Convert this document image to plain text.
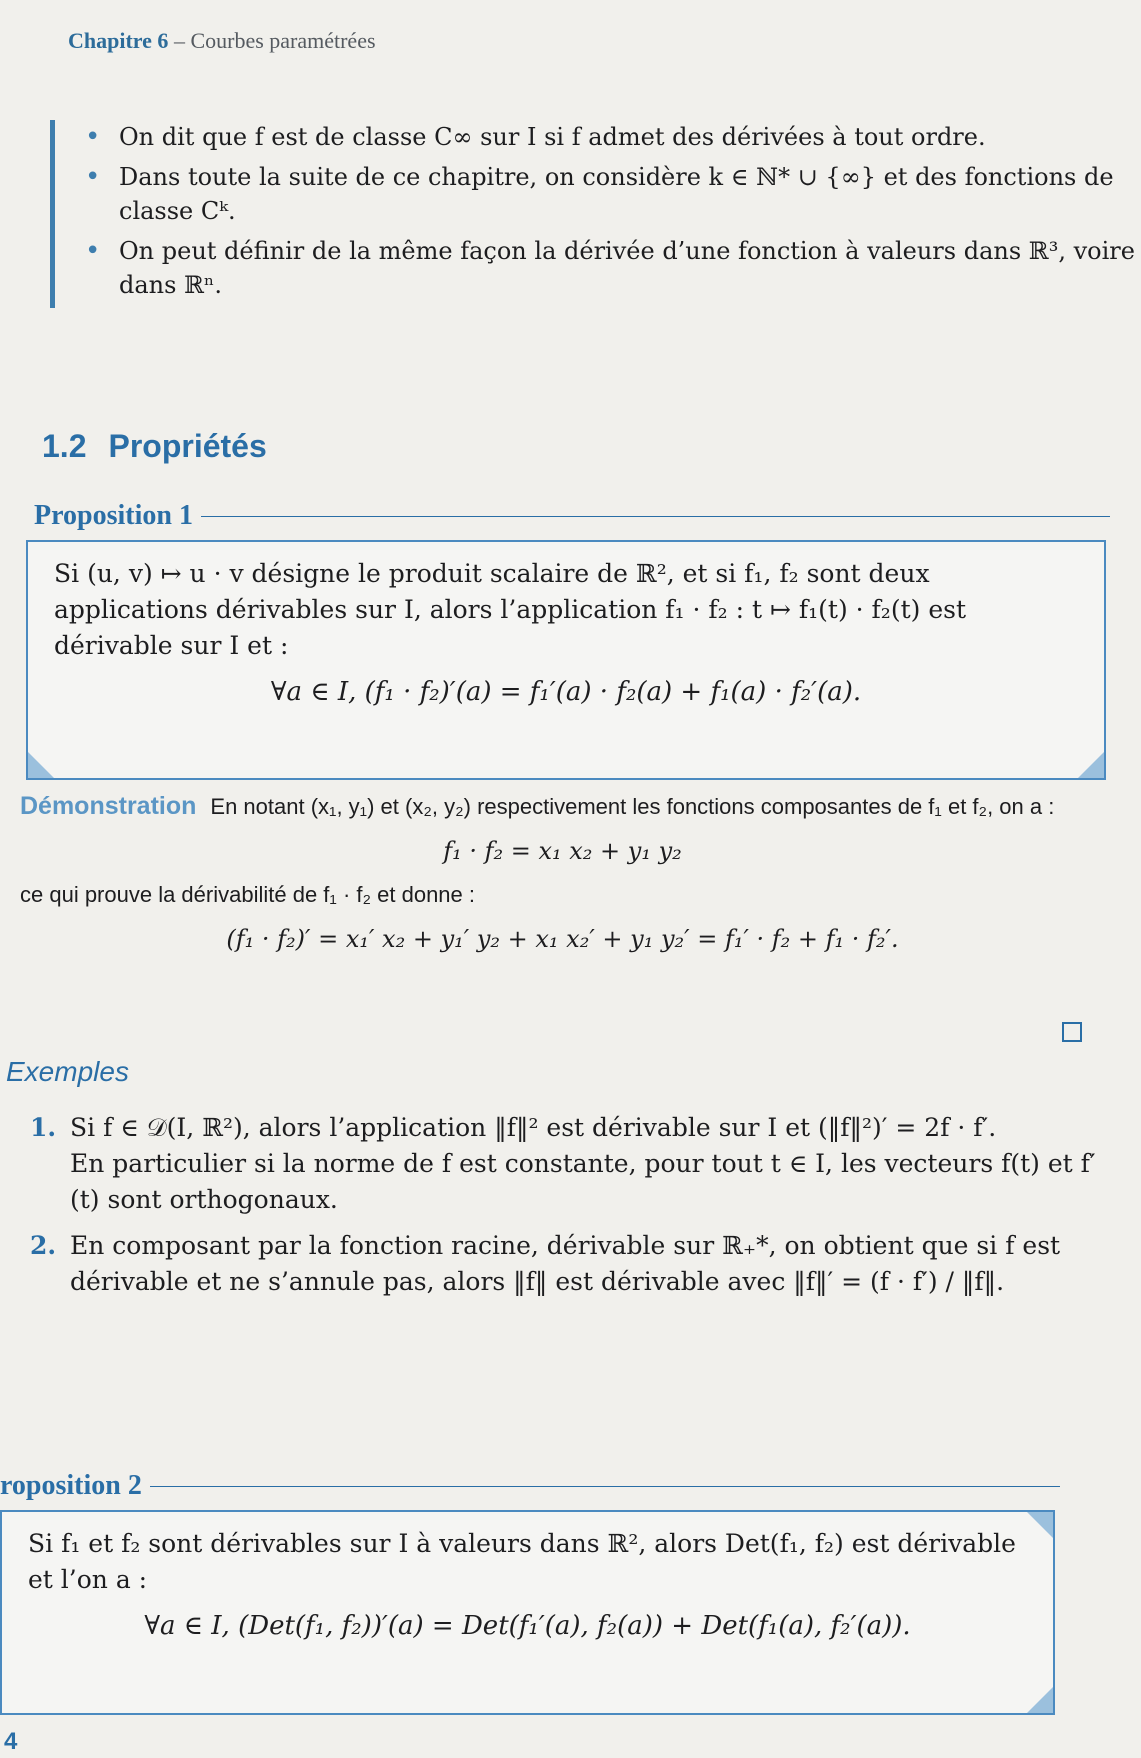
Chapitre 6 – Courbes paramétrées
• On dit que f est de classe C∞ sur I si f admet des dérivées à tout ordre.
• Dans toute la suite de ce chapitre, on considère k ∈ ℕ* ∪ {∞} et des fonctions de classe Cᵏ.
• On peut définir de la même façon la dérivée d’une fonction à valeurs dans ℝ³, voire dans ℝⁿ.
1.2 Propriétés
Proposition 1
Si (u, v) ↦ u · v désigne le produit scalaire de ℝ², et si f₁, f₂ sont deux applications dérivables sur I, alors l’application f₁ · f₂ : t ↦ f₁(t) · f₂(t) est dérivable sur I et :
∀a ∈ I, (f₁ · f₂)′(a) = f₁′(a) · f₂(a) + f₁(a) · f₂′(a).
Démonstration En notant (x₁, y₁) et (x₂, y₂) respectivement les fonctions composantes de f₁ et f₂, on a :
f₁ · f₂ = x₁ x₂ + y₁ y₂
ce qui prouve la dérivabilité de f₁ · f₂ et donne :
(f₁ · f₂)′ = x₁′ x₂ + y₁′ y₂ + x₁ x₂′ + y₁ y₂′ = f₁′ · f₂ + f₁ · f₂′.
Exemples
1. Si f ∈ 𝒟(I, ℝ²), alors l’application ‖f‖² est dérivable sur I et (‖f‖²)′ = 2f · f′.
En particulier si la norme de f est constante, pour tout t ∈ I, les vecteurs f(t) et f′(t) sont orthogonaux.
2. En composant par la fonction racine, dérivable sur ℝ₊*, on obtient que si f est dérivable et ne s’annule pas, alors ‖f‖ est dérivable avec ‖f‖′ = (f · f′) / ‖f‖.
roposition 2
Si f₁ et f₂ sont dérivables sur I à valeurs dans ℝ², alors Det(f₁, f₂) est dérivable et l’on a :
∀a ∈ I, (Det(f₁, f₂))′(a) = Det(f₁′(a), f₂(a)) + Det(f₁(a), f₂′(a)).
4
